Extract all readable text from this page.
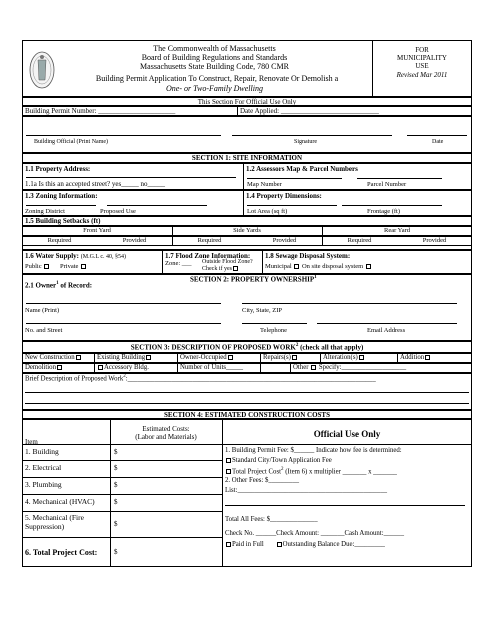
The Commonwealth of Massachusetts
Board of Building Regulations and Standards
Massachusetts State Building Code, 780 CMR
Building Permit Application To Construct, Repair, Renovate Or Demolish a
One- or Two-Family Dwelling
FOR
MUNICIPALITY
USE
Revised Mar 2011
This Section For Official Use Only
Building Permit Number: ______________________	Date Applied: ____________________________
Building Official (Print Name)	Signature	Date
SECTION 1: SITE INFORMATION
1.1 Property Address:
1.1a Is this an accepted street? yes_____ no_____
1.2 Assessors Map & Parcel Numbers
Map Number	Parcel Number
1.3 Zoning Information:
Zoning District	Proposed Use
1.4 Property Dimensions:
Lot Area (sq ft)	Frontage (ft)
1.5 Building Setbacks (ft)
Front Yard	Side Yards	Rear Yard
Required	Provided	Required	Provided	Required	Provided
1.6 Water Supply: (M.G.L c. 40, §54)
Public	Private
1.7 Flood Zone Information:
Zone: ___ Outside Flood Zone?
Check if yes
1.8 Sewage Disposal System:
Municipal On site disposal system
2.1 Owner$^1$ of Record:
SECTION 2: PROPERTY OWNERSHIP$^1$
Name (Print)	City, State, ZIP
No. and Street	Telephone	Email Address
SECTION 3: DESCRIPTION OF PROPOSED WORK$^2$ (check all that apply)
New Construction	Existing Building	Owner-Occupied	Repairs(s)	Alteration(s)	Addition
Demolition	Accessory Bldg.	Number of Units_____	Other Specify:___________________
Brief Description of Proposed Work$^2$:_________________________________________________________________________
SECTION 4: ESTIMATED CONSTRUCTION COSTS
Item
Estimated Costs:
(Labor and Materials)	Official Use Only
1. Building	$
2. Electrical	$
3. Plumbing	$
4. Mechanical (HVAC)	$
5. Mechanical (Fire Suppression)	$
6. Total Project Cost: $
1. Building Permit Fee: $______ Indicate how fee is determined:
Standard City/Town Application Fee
Total Project Cost$^2$ (Item 6) x multiplier _______ x _______
2. Other Fees: $_________
List:____________________________________________
Total All Fees: $______________
Check No. ______Check Amount: _______Cash Amount:______
Paid in Full	Outstanding Balance Due:_________
